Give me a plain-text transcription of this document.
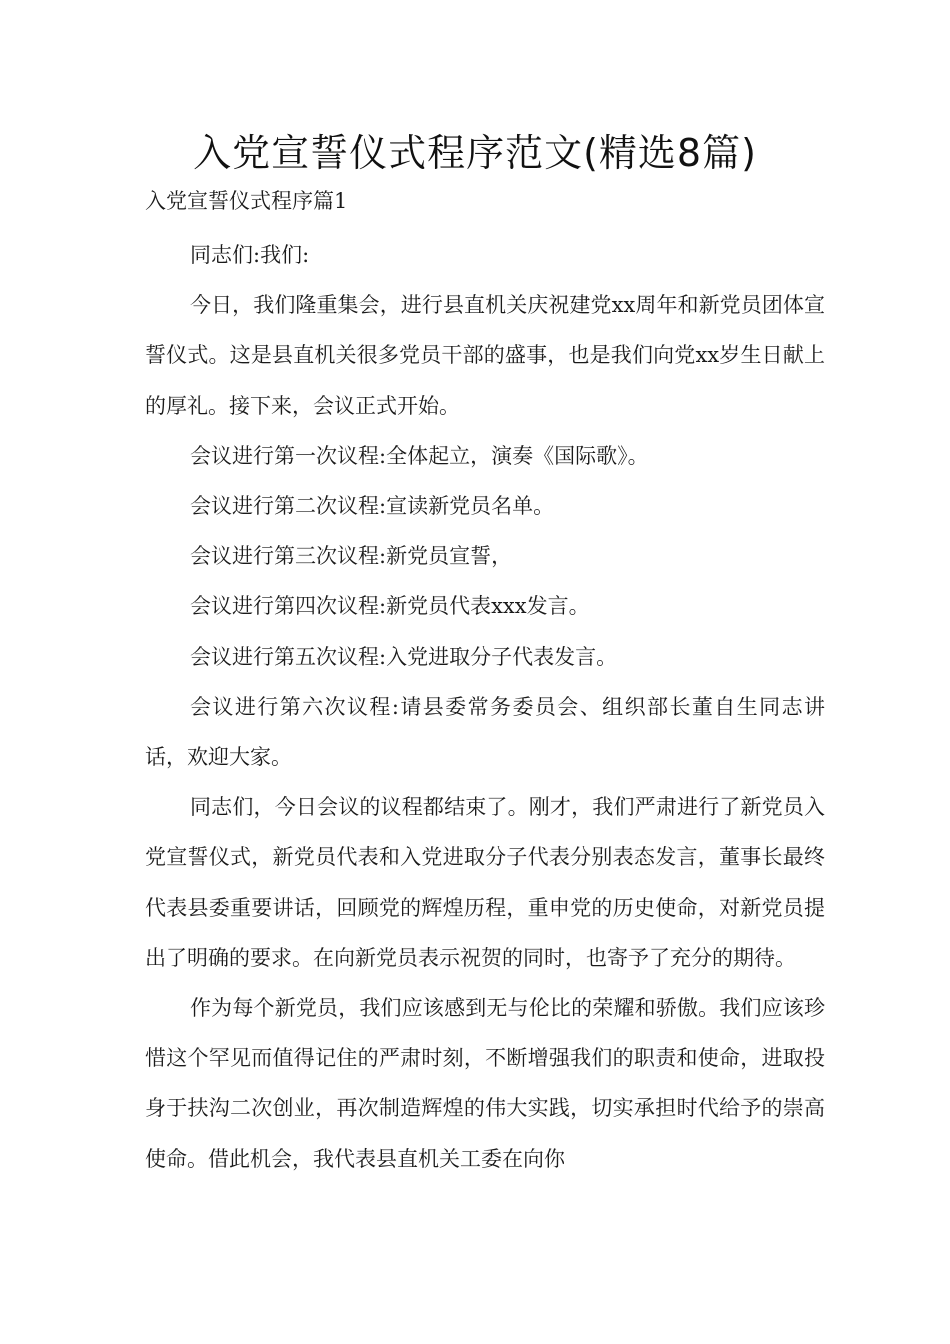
入党宣誓仪式程序范文(精选8篇)

入党宣誓仪式程序篇1

同志们:我们:

今日，我们隆重集会，进行县直机关庆祝建党xx周年和新党员团体宣誓仪式。这是县直机关很多党员干部的盛事，也是我们向党xx岁生日献上的厚礼。接下来，会议正式开始。

会议进行第一次议程:全体起立，演奏《国际歌》。

会议进行第二次议程:宣读新党员名单。

会议进行第三次议程:新党员宣誓，

会议进行第四次议程:新党员代表xxx发言。

会议进行第五次议程:入党进取分子代表发言。

会议进行第六次议程:请县委常务委员会、组织部长董自生同志讲话，欢迎大家。

同志们，今日会议的议程都结束了。刚才，我们严肃进行了新党员入党宣誓仪式，新党员代表和入党进取分子代表分别表态发言，董事长最终代表县委重要讲话，回顾党的辉煌历程，重申党的历史使命，对新党员提出了明确的要求。在向新党员表示祝贺的同时，也寄予了充分的期待。

作为每个新党员，我们应该感到无与伦比的荣耀和骄傲。我们应该珍惜这个罕见而值得记住的严肃时刻，不断增强我们的职责和使命，进取投身于扶沟二次创业，再次制造辉煌的伟大实践，切实承担时代给予的崇高使命。借此机会，我代表县直机关工委在向你
